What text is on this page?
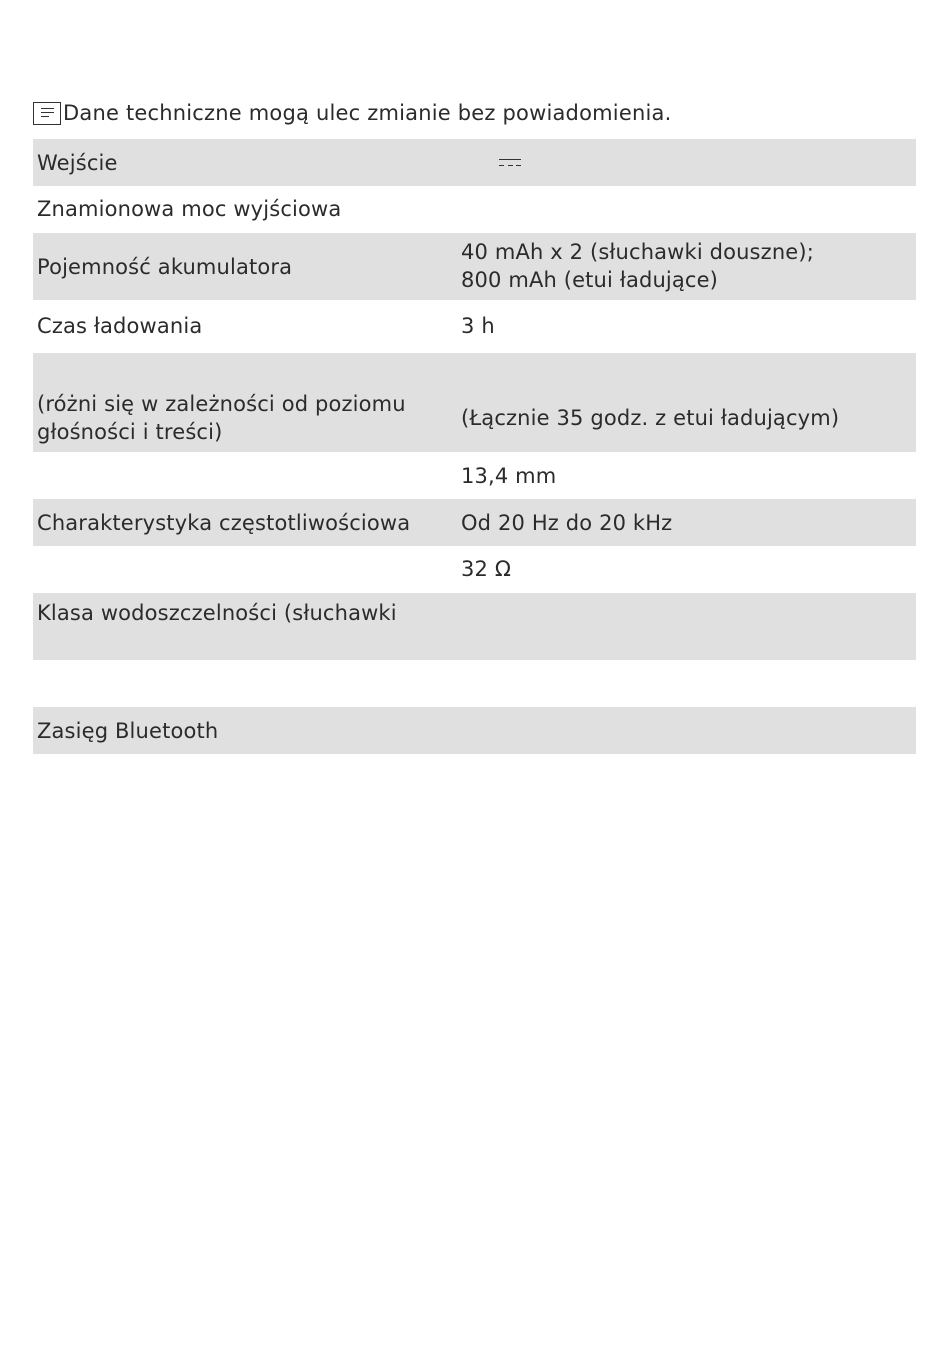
Dane techniczne mogą ulec zmianie bez powiadomienia.
Wejście
Znamionowa moc wyjściowa
Pojemność akumulatora
40 mAh x 2 (słuchawki douszne);
800 mAh (etui ładujące)
Czas ładowania	3 h
(różni się w zależności od poziomu
głośności i treści)
(Łącznie 35 godz. z etui ładującym)
13,4 mm
Charakterystyka częstotliwościowa Od 20 Hz do 20 kHz
32 Ω
Klasa wodoszczelności (słuchawki
Zasięg Bluetooth
